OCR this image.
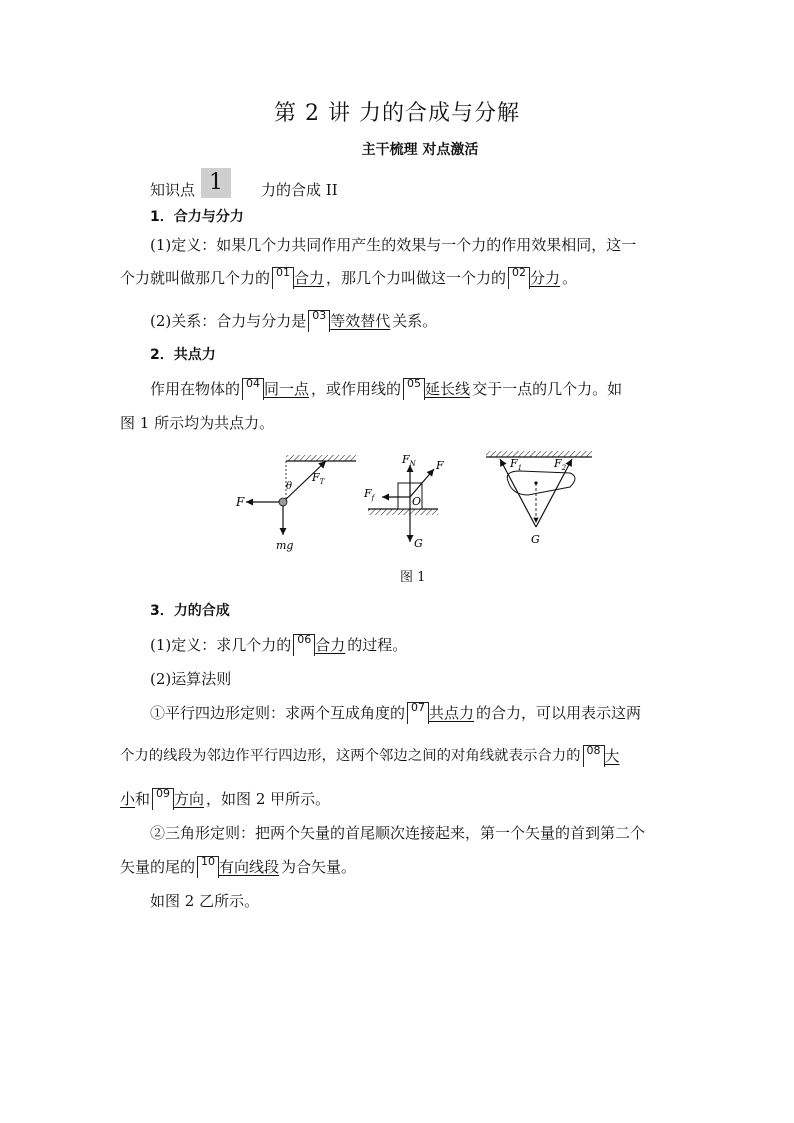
第 2 讲 力的合成与分解
主干梳理 对点激活
知识点 1	力的合成 II
1．合力与分力
(1)定义：如果几个力共同作用产生的效果与一个力的作用效果相同，这一
个力就叫做那几个力的 01 合力 ，那几个力叫做这一个力的 02 分力 。
(2)关系：合力与分力是 03 等效替代 关系。
2．共点力
作用在物体的 04 同一点 ，或作用线的 05 延长线 交于一点的几个力。如
图 1 所示均为共点力。
F
$F_T$
θ
mg
$F_N$ F
$F_f$	O
G
$F_1$	$F_2$
G
图 1
3．力的合成
(1)定义：求几个力的 06 合力 的过程。
(2)运算法则
①平行四边形定则：求两个互成角度的 07 共点力 的合力，可以用表示这两
个力的线段为邻边作平行四边形，这两个邻边之间的对角线就表示合力的 08 大
小和 09 方向 ，如图 2 甲所示。
②三角形定则：把两个矢量的首尾顺次连接起来，第一个矢量的首到第二个
矢量的尾的 10 有向线段 为合矢量。
如图 2 乙所示。
